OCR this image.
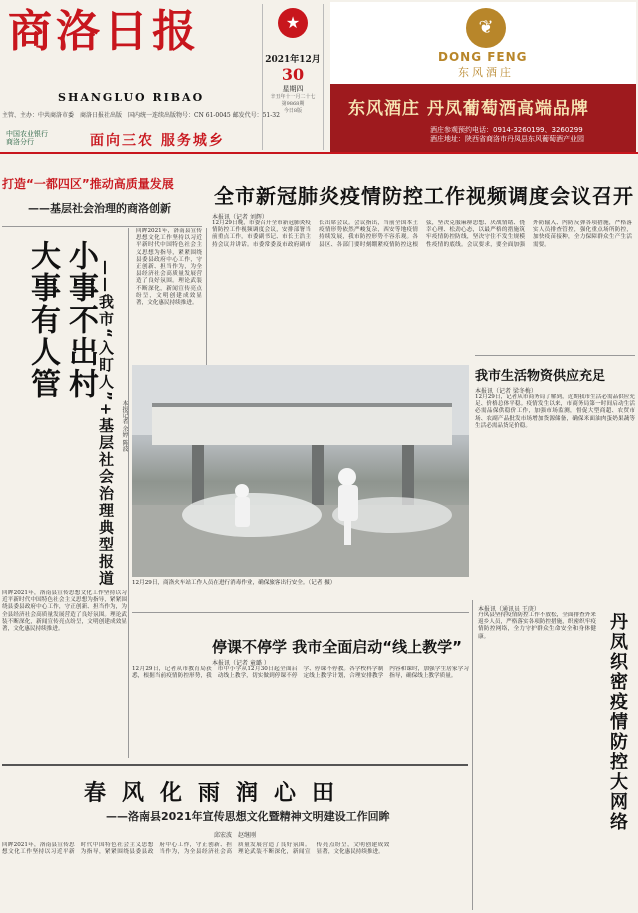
商洛日报
SHANGLUO RIBAO
主管、主办：中共商洛市委　商洛日报社出版　国内统一连续出版物号：CN 61-0045 邮发代号：51-32
中国农业银行
商洛分行	面向三农 服务城乡
★
2021年12月
30
星期四
辛丑年十一月二十七
第9868期
今日8版
❦
DONG FENG
东风酒庄
东风酒庄 丹凤葡萄酒高端品牌
酒庄参观预约电话：0914-3260199、3260299
酒庄地址：陕西省商洛市丹凤县东风葡萄酒产业园
打造“一都四区”推动高质量发展
——基层社会治理的商洛创新
小事不出村
大事有人管 ——我市“入盯人”+基层社会治理典型报道	本报记者 余婷 陈波
回眸2021年，洛南县宣传思想文化工作坚持以习近平新时代中国特色社会主义思想为指导，紧紧围绕县委县政府中心工作，守正创新、担当作为，为全县经济社会高质量发展营造了良好氛围。理论武装不断深化，新闻宣传亮点纷呈，文明创建成效显著，文化惠民持续推进。
回眸2021年，洛南县宣传思想文化工作坚持以习近平新时代中国特色社会主义思想为指导，紧紧围绕县委县政府中心工作，守正创新、担当作为，为全县经济社会高质量发展营造了良好氛围。理论武装不断深化，新闻宣传亮点纷呈，文明创建成效显著，文化惠民持续推进。
全市新冠肺炎疫情防控工作视频调度会议召开
本报讯（记者 刘辉）
12月29日晚，市委召开全市新冠肺炎疫情防控工作视频调度会议，安排部署当前重点工作，市委副书记、市长王浩主持会议并讲话。市委常委及市政府副市长出席会议。会议指出，当前全国本土疫情形势依然严峻复杂，西安等地疫情持续发展，我市防控形势不容乐观。各县区、各部门要时刻绷紧疫情防控这根弦，坚决克服麻痹思想、厌战情绪、侥幸心理、松劲心态，以最严格的措施筑牢疫情防控防线，坚决守住不发生规模性疫情的底线。会议要求，要全面加强外防输入、内防反弹各项措施，严格落实人员排查管控，强化重点场所防控，加快疫苗接种，全力保障群众生产生活需要。
12月29日，商洛火车站工作人员在进行消毒作业，确保旅客出行安全。（记者 摄）
我市生活物资供应充足
本报讯（记者 梁冬梅）
12月29日，记者从市商务局了解到，近期我市生活必需品供应充足、价格总体平稳。疫情发生以来，市商务局第一时间启动生活必需品保供稳价工作，加强市场监测，督促大型商超、农贸市场、农副产品批发市场增加货源储备，确保米面油肉蛋奶果蔬等生活必需品货足价稳。
停课不停学 我市全面启动“线上教学”
本报讯（记者 童璐 ）
12月29日，记者从市教育局获悉，根据当前疫情防控形势，我市中小学从12月30日起全面启动线上教学，切实做到停课不停学、停课不停教。各学校科学制定线上教学计划，合理安排教学内容和课时，加强学生居家学习指导，确保线上教学质量。
本报讯（通讯员 王庚）
丹凤县坚持疫情防控工作不放松，全面排查外来返乡人员，严格落实各项防控措施，织密织牢疫情防控网络，全力守护群众生命安全和身体健康。	丹凤织密疫情防控大网络
春风化雨润心田
——洛南县2021年宣传思想文化暨精神文明建设工作回眸
邱宏波　赵继刚
回眸2021年，洛南县宣传思想文化工作坚持以习近平新时代中国特色社会主义思想为指导，紧紧围绕县委县政府中心工作，守正创新、担当作为，为全县经济社会高质量发展营造了良好氛围。理论武装不断深化，新闻宣传亮点纷呈，文明创建成效显著，文化惠民持续推进。
